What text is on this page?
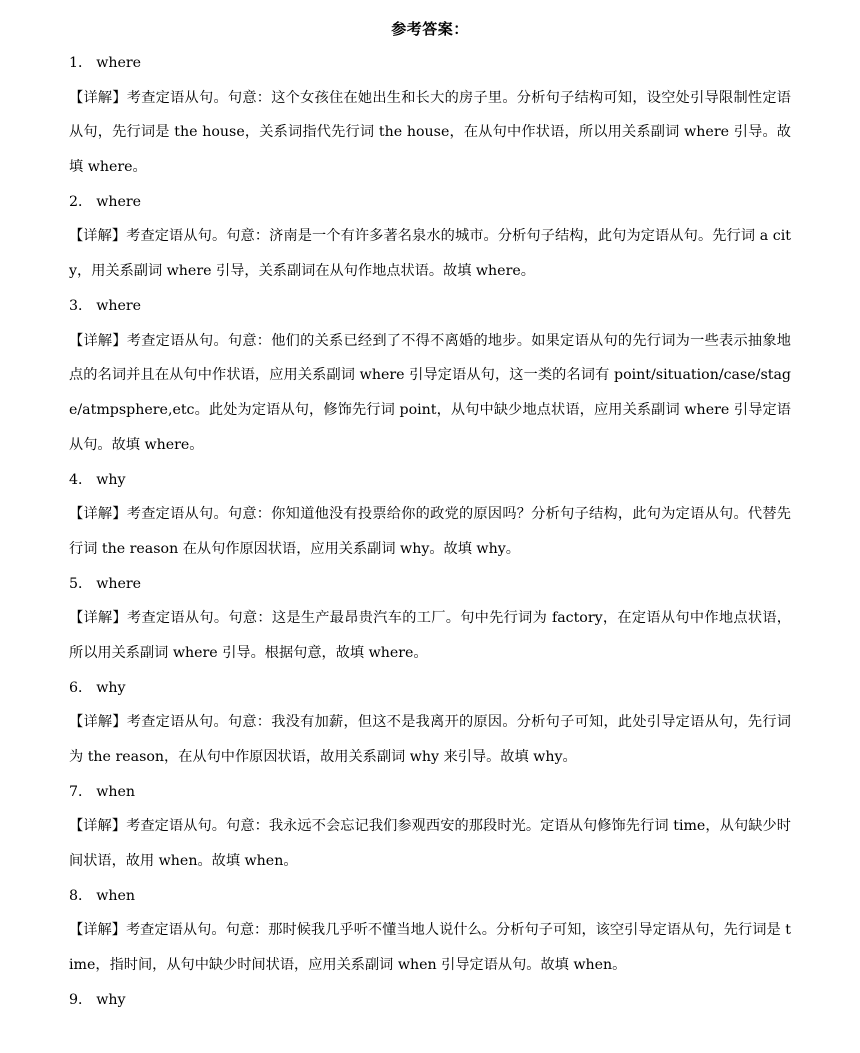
参考答案：
1． where
【详解】考查定语从句。句意：这个女孩住在她出生和长大的房子里。分析句子结构可知，设空处引导限制性定语从句，先行词是 the house，关系词指代先行词 the house，在从句中作状语，所以用关系副词 where 引导。故填 where。
2． where
【详解】考查定语从句。句意：济南是一个有许多著名泉水的城市。分析句子结构，此句为定语从句。先行词 a city，用关系副词 where 引导，关系副词在从句作地点状语。故填 where。
3． where
【详解】考查定语从句。句意：他们的关系已经到了不得不离婚的地步。如果定语从句的先行词为一些表示抽象地点的名词并且在从句中作状语，应用关系副词 where 引导定语从句，这一类的名词有 point/situation/case/stage/atmpsphere,etc。此处为定语从句，修饰先行词 point，从句中缺少地点状语，应用关系副词 where 引导定语从句。故填 where。
4． why
【详解】考查定语从句。句意：你知道他没有投票给你的政党的原因吗？分析句子结构，此句为定语从句。代替先行词 the reason 在从句作原因状语，应用关系副词 why。故填 why。
5． where
【详解】考查定语从句。句意：这是生产最昂贵汽车的工厂。句中先行词为 factory，在定语从句中作地点状语，所以用关系副词 where 引导。根据句意，故填 where。
6． why
【详解】考查定语从句。句意：我没有加薪，但这不是我离开的原因。分析句子可知，此处引导定语从句，先行词为 the reason，在从句中作原因状语，故用关系副词 why 来引导。故填 why。
7． when
【详解】考查定语从句。句意：我永远不会忘记我们参观西安的那段时光。定语从句修饰先行词 time，从句缺少时间状语，故用 when。故填 when。
8． when
【详解】考查定语从句。句意：那时候我几乎听不懂当地人说什么。分析句子可知，该空引导定语从句，先行词是 time，指时间，从句中缺少时间状语，应用关系副词 when 引导定语从句。故填 when。
9． why
